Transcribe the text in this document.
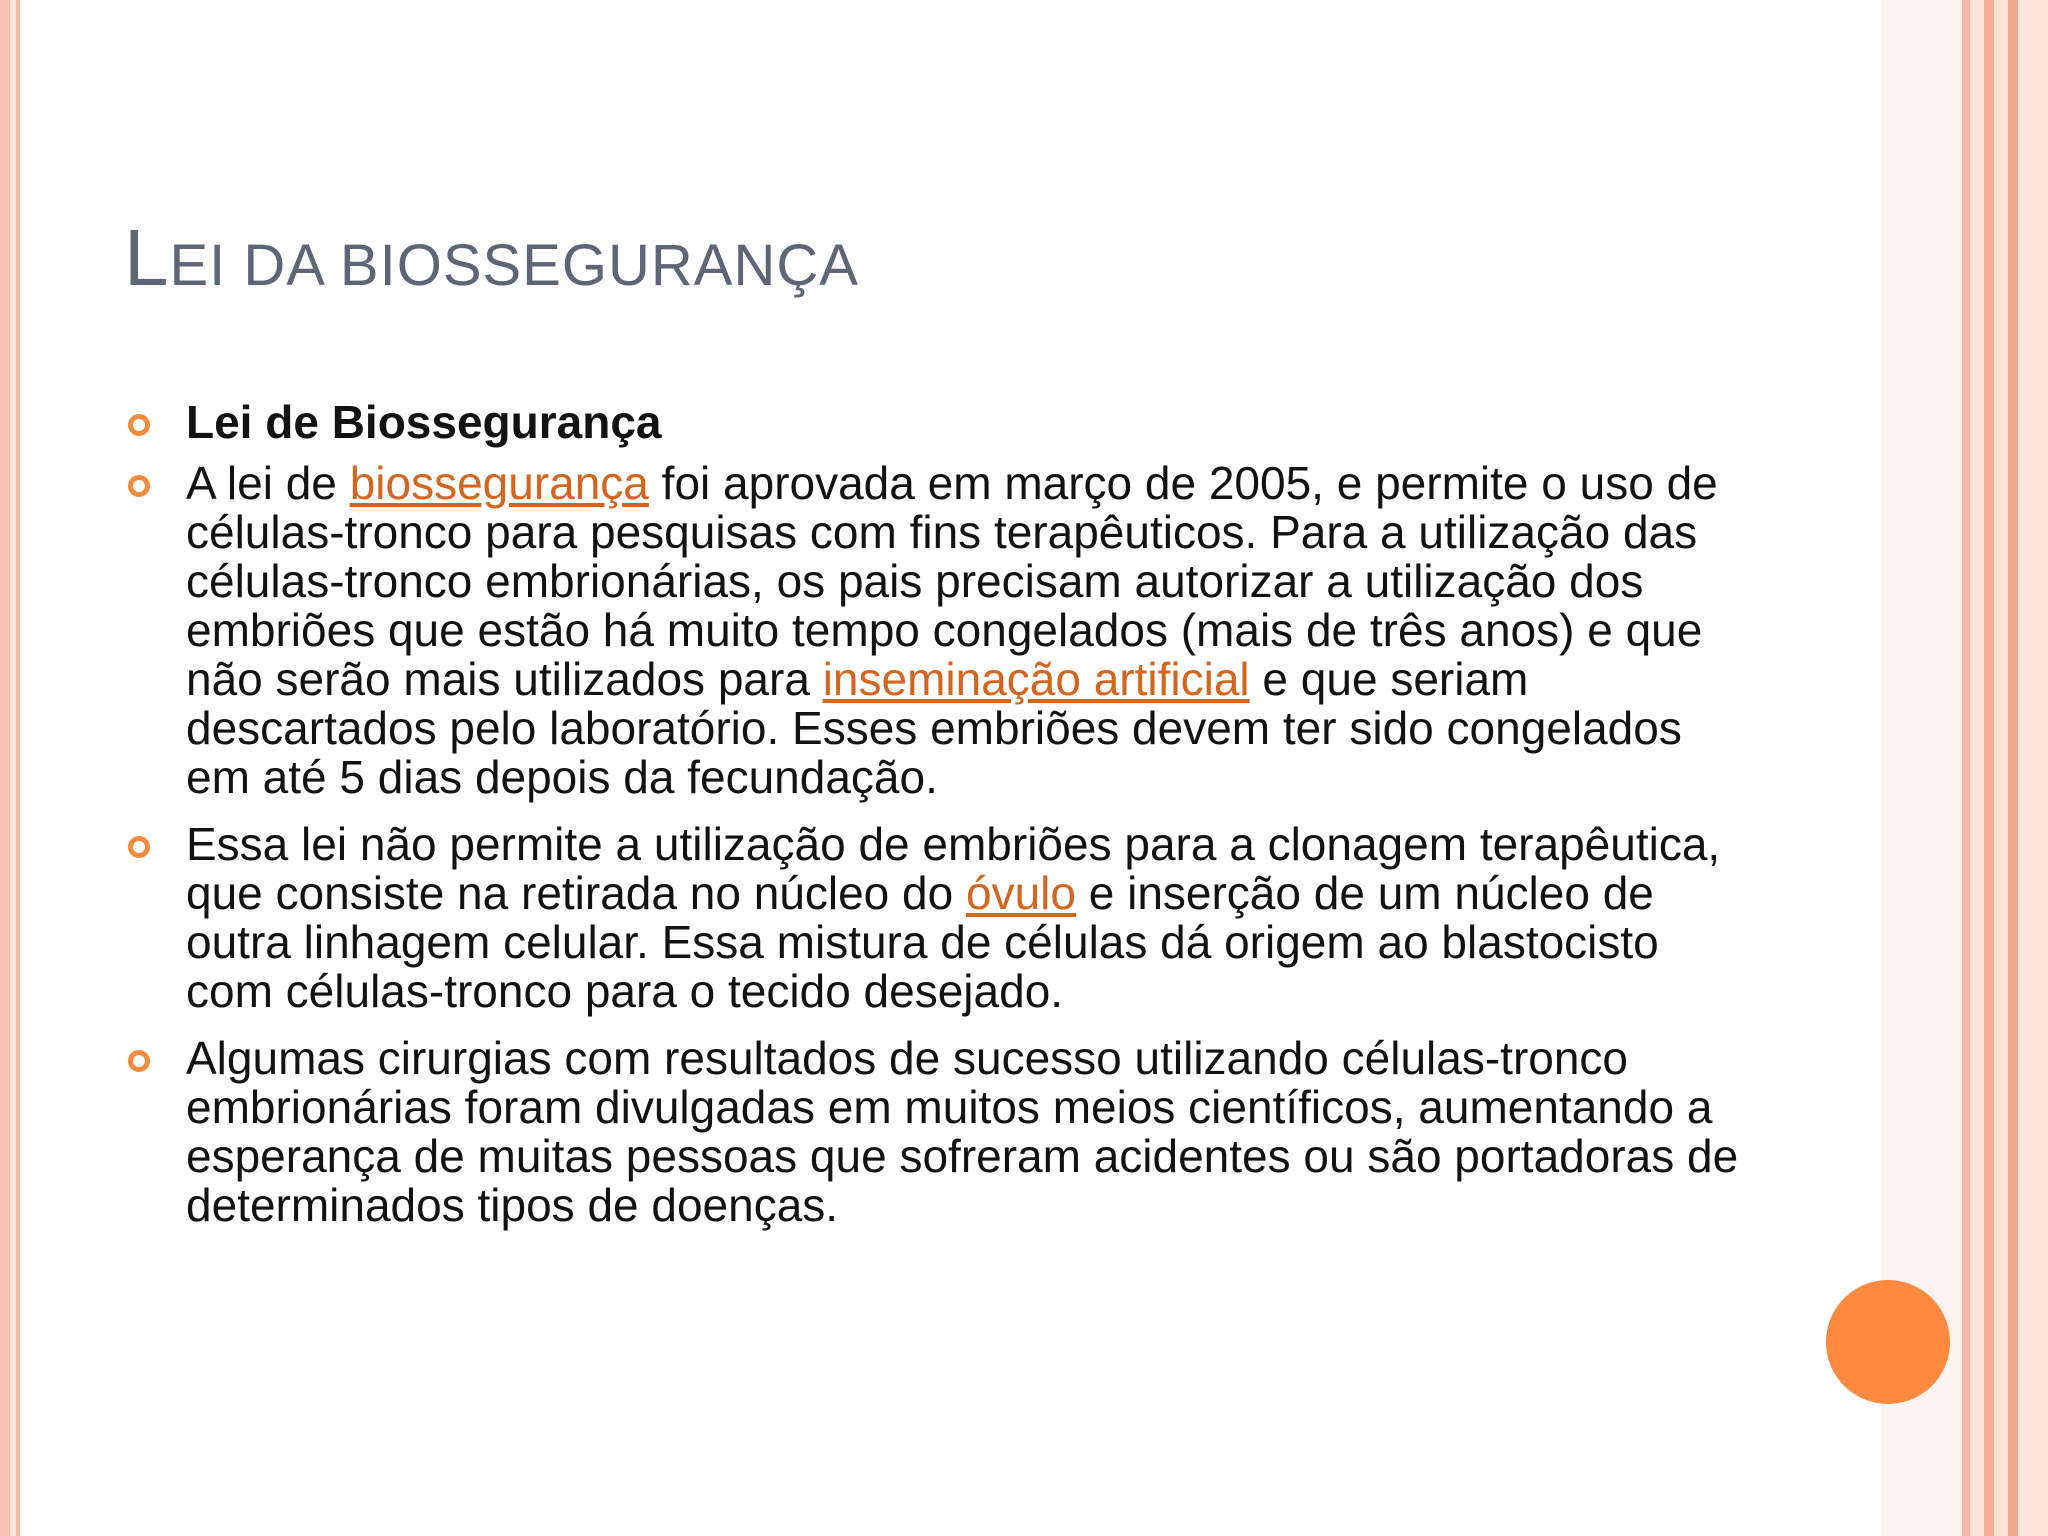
LEI DA BIOSSEGURANÇA
Lei de Biossegurança
A lei de biossegurança foi aprovada em março de 2005, e permite o uso de células-tronco para pesquisas com fins terapêuticos. Para a utilização das células-tronco embrionárias, os pais precisam autorizar a utilização dos embriões que estão há muito tempo congelados (mais de três anos) e que não serão mais utilizados para inseminação artificial e que seriam descartados pelo laboratório. Esses embriões devem ter sido congelados em até 5 dias depois da fecundação.
Essa lei não permite a utilização de embriões para a clonagem terapêutica, que consiste na retirada no núcleo do óvulo e inserção de um núcleo de outra linhagem celular. Essa mistura de células dá origem ao blastocisto com células-tronco para o tecido desejado.
Algumas cirurgias com resultados de sucesso utilizando células-tronco embrionárias foram divulgadas em muitos meios científicos, aumentando a esperança de muitas pessoas que sofreram acidentes ou são portadoras de determinados tipos de doenças.
